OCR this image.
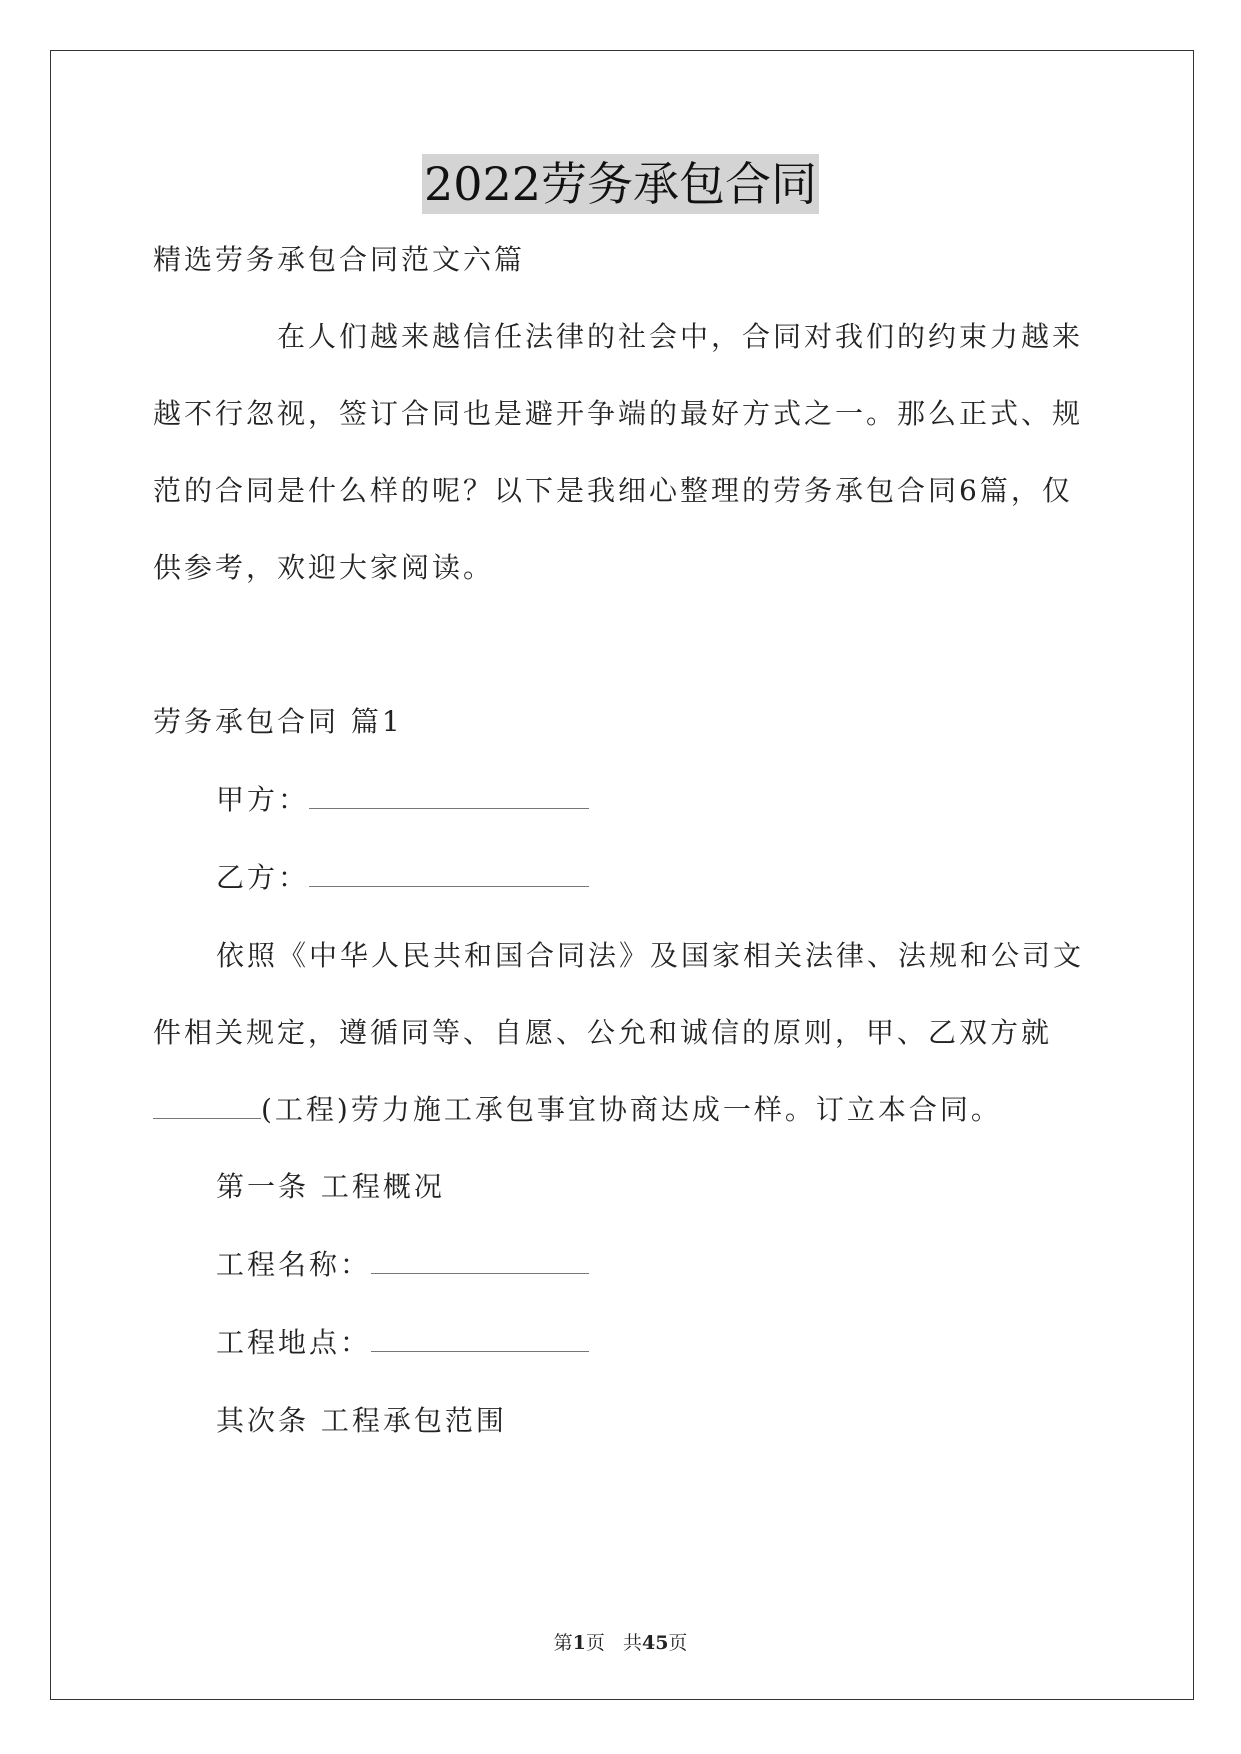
2022劳务承包合同
精选劳务承包合同范文六篇
在人们越来越信任法律的社会中，合同对我们的约束力越来
越不行忽视，签订合同也是避开争端的最好方式之一。那么正式、规
范的合同是什么样的呢？以下是我细心整理的劳务承包合同6篇，仅
供参考，欢迎大家阅读。
劳务承包合同 篇1
甲方：
乙方：
依照《中华人民共和国合同法》及国家相关法律、法规和公司文
件相关规定，遵循同等、自愿、公允和诚信的原则，甲、乙双方就
(工程)劳力施工承包事宜协商达成一样。订立本合同。
第一条 工程概况
工程名称：
工程地点：
其次条 工程承包范围
第1页 共45页
